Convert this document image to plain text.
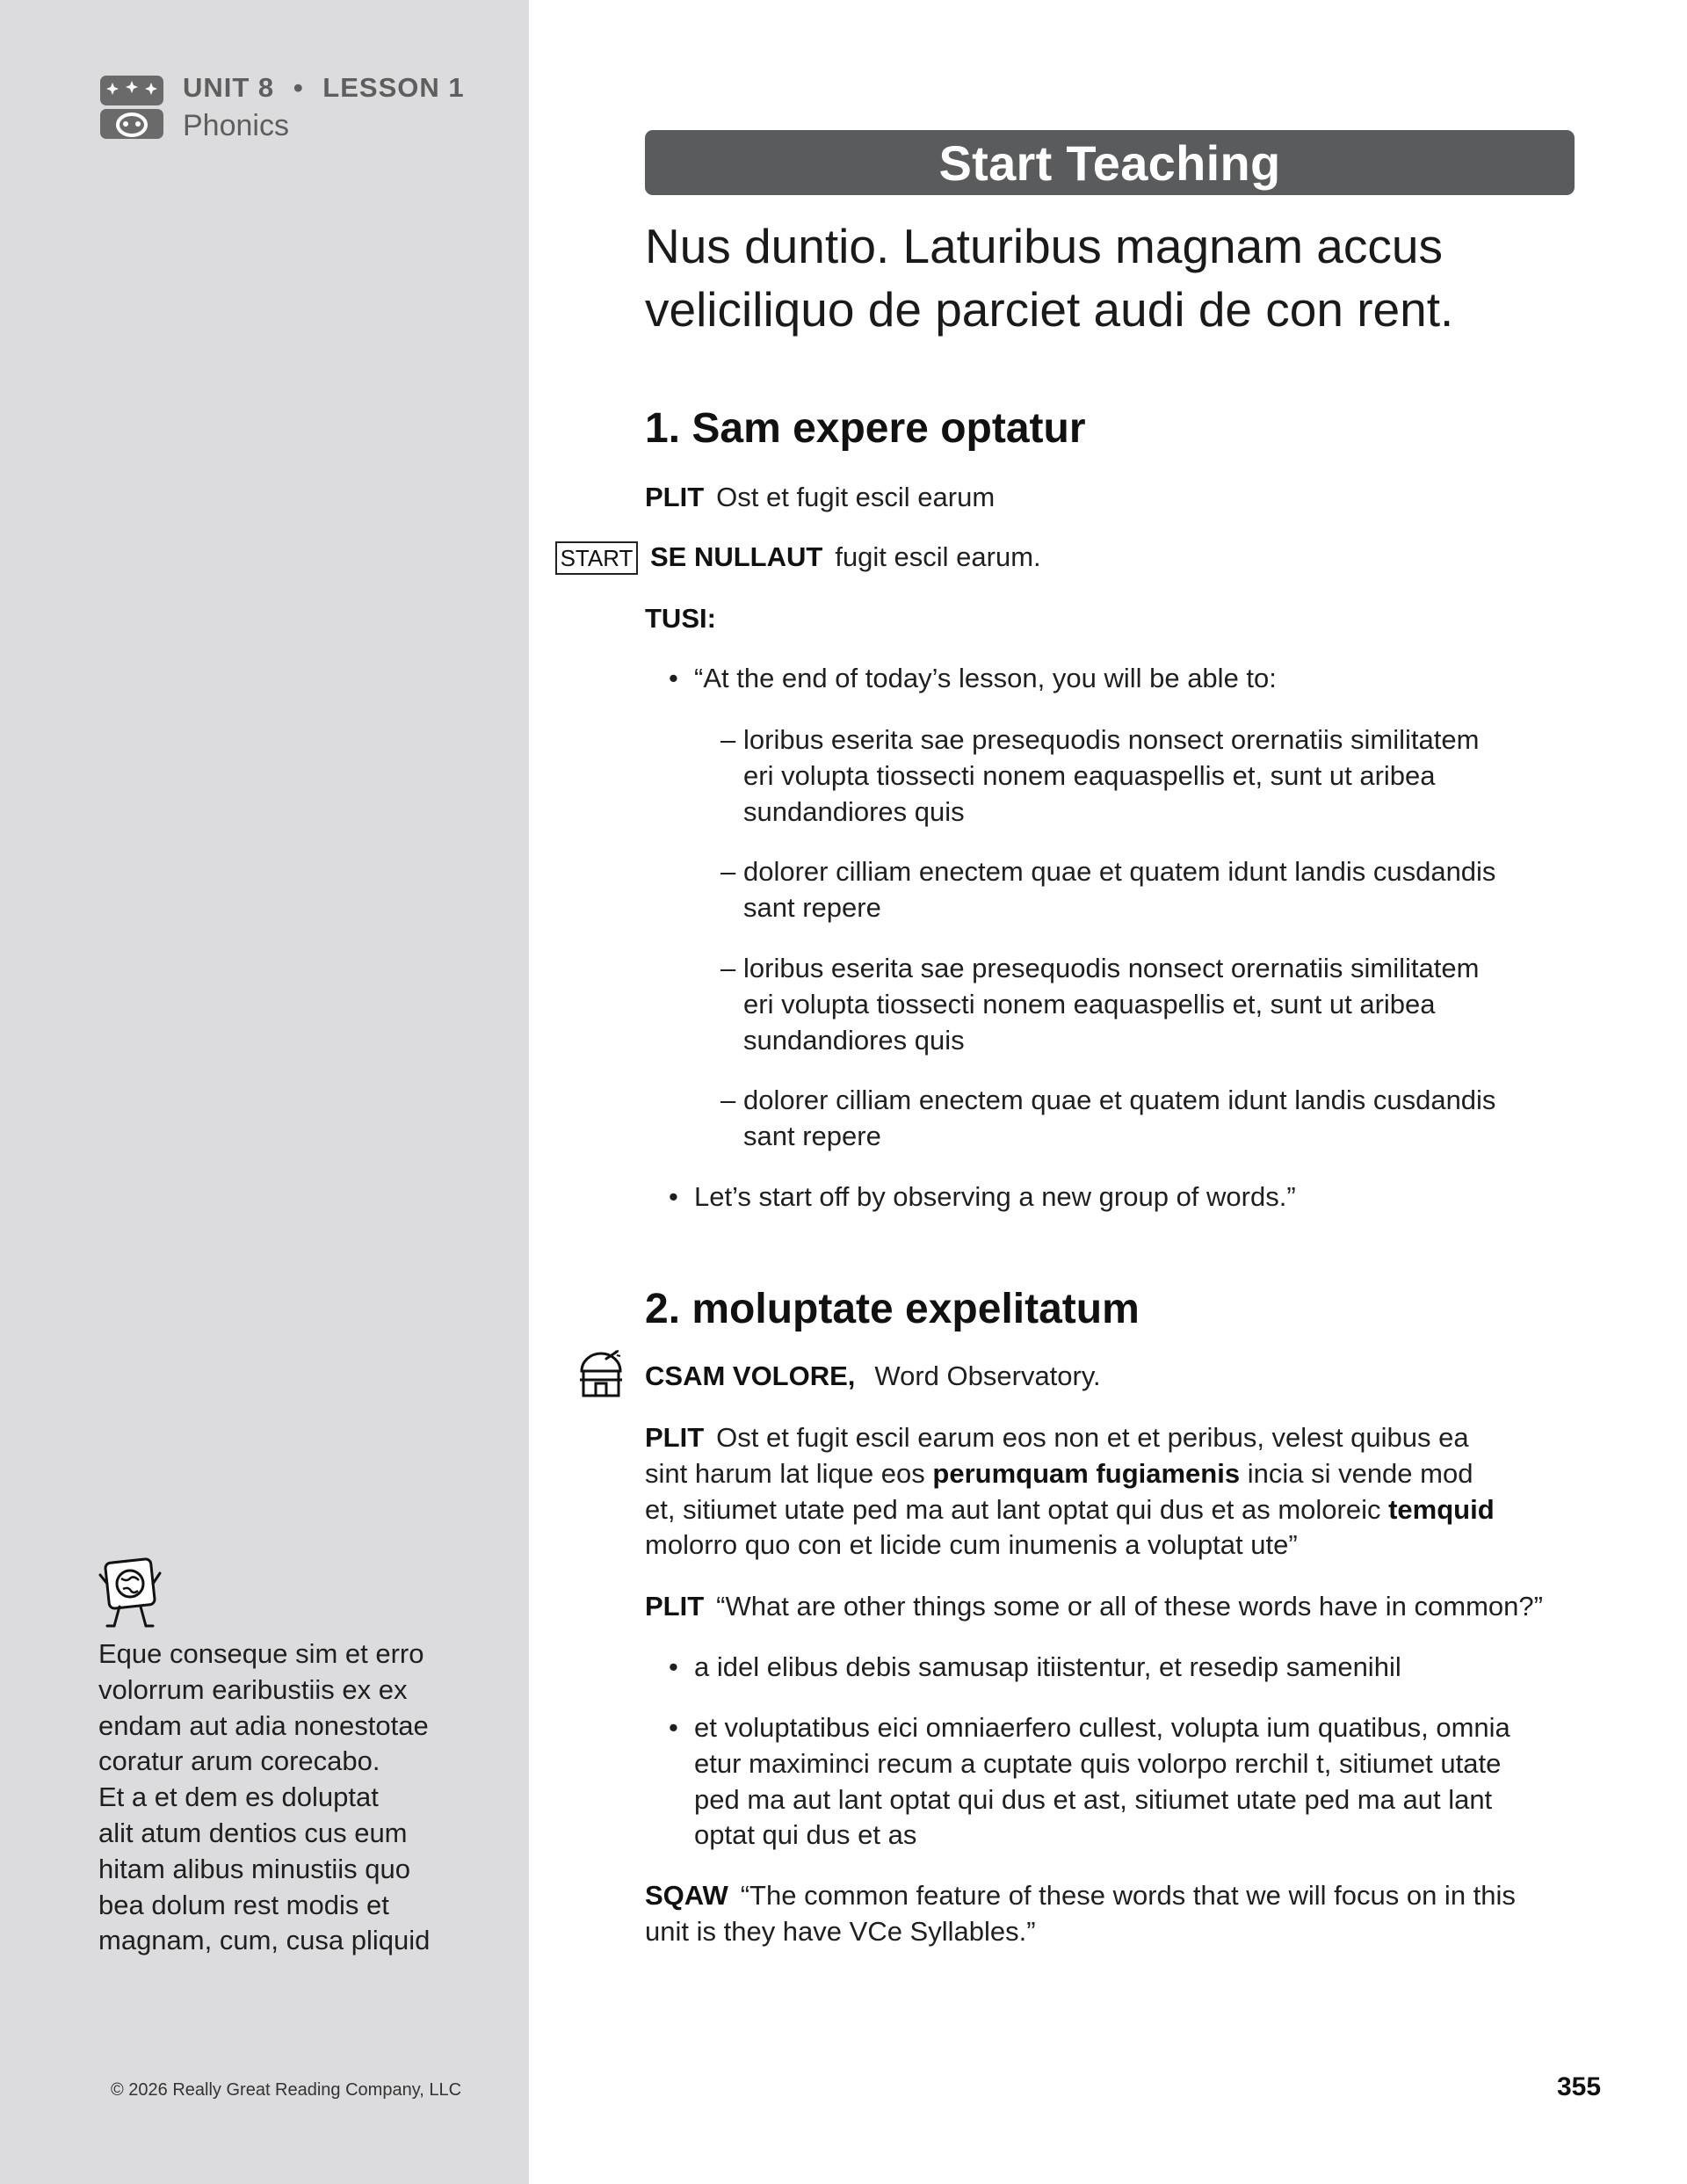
UNIT 8 • LESSON 1
Phonics
Eque conseque sim et erro
volorrum earibustiis ex ex
endam aut adia nonestotae
coratur arum corecabo.
Et a et dem es doluptat
alit atum dentios cus eum
hitam alibus minustiis quo
bea dolum rest modis et
magnam, cum, cusa pliquid
© 2026 Really Great Reading Company, LLC
Start Teaching
Nus duntio. Laturibus magnam accus
veliciliquo de parciet audi de con rent.
1. Sam expere optatur
PLIT Ost et fugit escil earum
START SE NULLAUT fugit escil earum.
TUSI:
• “At the end of today’s lesson, you will be able to:
– loribus eserita sae presequodis nonsect orernatiis similitatem
eri volupta tiossecti nonem eaquaspellis et, sunt ut aribea
sundandiores quis
– dolorer cilliam enectem quae et quatem idunt landis cusdandis
sant repere
– loribus eserita sae presequodis nonsect orernatiis similitatem
eri volupta tiossecti nonem eaquaspellis et, sunt ut aribea
sundandiores quis
– dolorer cilliam enectem quae et quatem idunt landis cusdandis
sant repere
• Let’s start off by observing a new group of words.”
2. moluptate expelitatum
CSAM VOLORE, Word Observatory.
PLIT Ost et fugit escil earum eos non et et peribus, velest quibus ea
sint harum lat lique eos perumquam fugiamenis incia si vende mod
et, sitiumet utate ped ma aut lant optat qui dus et as moloreic temquid
molorro quo con et licide cum inumenis a voluptat ute”
PLIT “What are other things some or all of these words have in common?”
• a idel elibus debis samusap itiistentur, et resedip samenihil
• et voluptatibus eici omniaerfero cullest, volupta ium quatibus, omnia
etur maximinci recum a cuptate quis volorpo rerchil t, sitiumet utate
ped ma aut lant optat qui dus et ast, sitiumet utate ped ma aut lant
optat qui dus et as
SQAW “The common feature of these words that we will focus on in this
unit is they have VCe Syllables.”
355
